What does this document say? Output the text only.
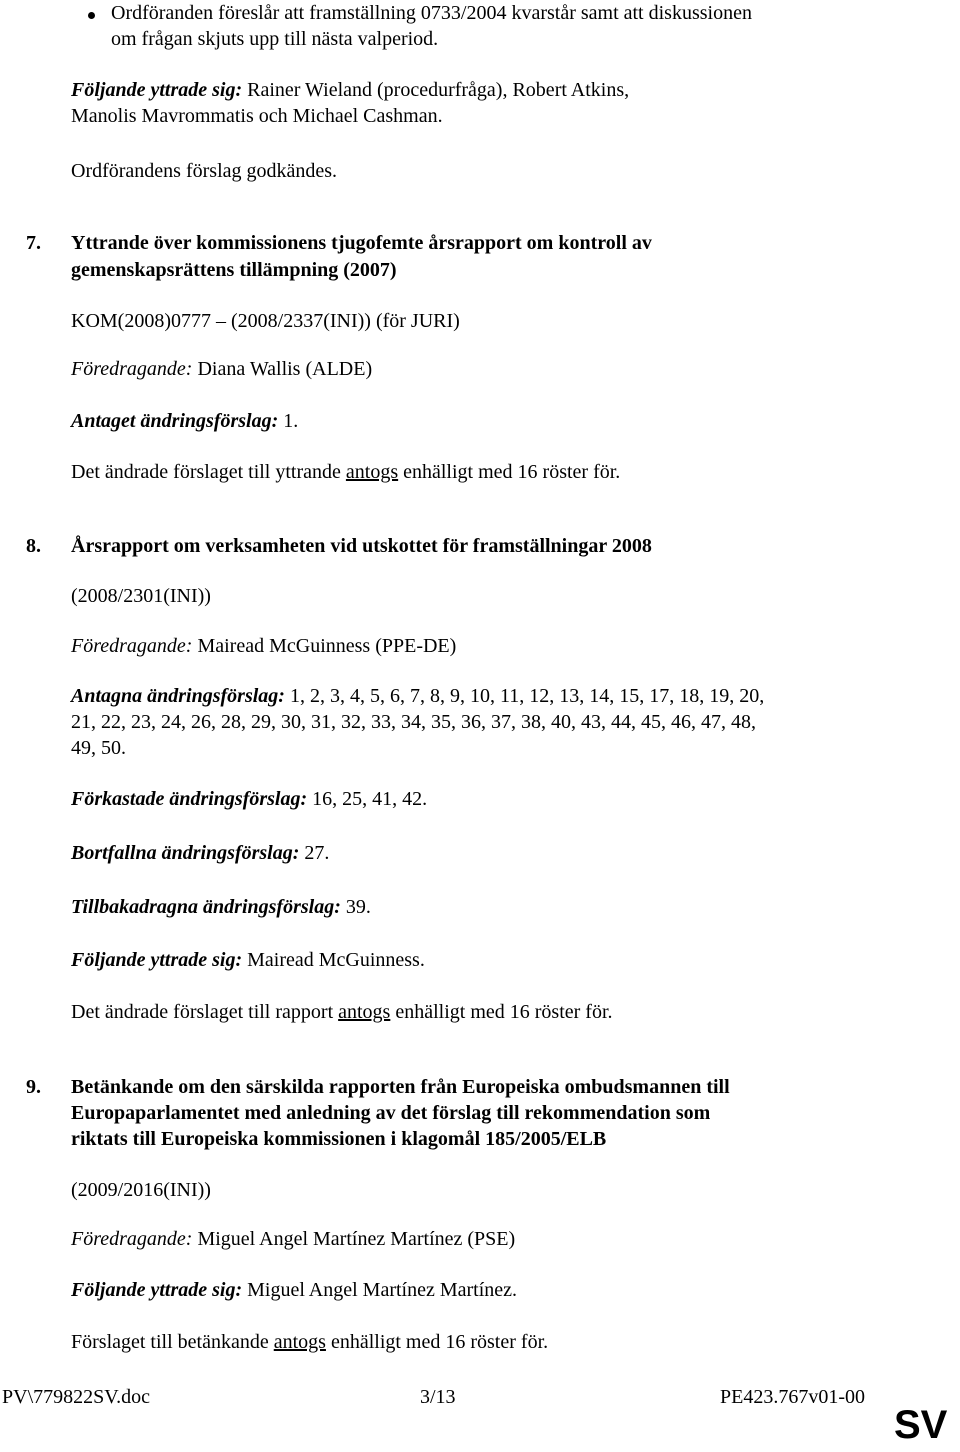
Ordföranden föreslår att framställning 0733/2004 kvarstår samt att diskussionen
om frågan skjuts upp till nästa valperiod.
Följande yttrade sig: Rainer Wieland (procedurfråga), Robert Atkins,
Manolis Mavrommatis och Michael Cashman.
Ordförandens förslag godkändes.
7. Yttrande över kommissionens tjugofemte årsrapport om kontroll av
gemenskapsrättens tillämpning (2007)
KOM(2008)0777 – (2008/2337(INI)) (för JURI)
Föredragande: Diana Wallis (ALDE)
Antaget ändringsförslag: 1.
Det ändrade förslaget till yttrande antogs enhälligt med 16 röster för.
8. Årsrapport om verksamheten vid utskottet för framställningar 2008
(2008/2301(INI))
Föredragande: Mairead McGuinness (PPE-DE)
Antagna ändringsförslag: 1, 2, 3, 4, 5, 6, 7, 8, 9, 10, 11, 12, 13, 14, 15, 17, 18, 19, 20,
21, 22, 23, 24, 26, 28, 29, 30, 31, 32, 33, 34, 35, 36, 37, 38, 40, 43, 44, 45, 46, 47, 48,
49, 50.
Förkastade ändringsförslag: 16, 25, 41, 42.
Bortfallna ändringsförslag: 27.
Tillbakadragna ändringsförslag: 39.
Följande yttrade sig: Mairead McGuinness.
Det ändrade förslaget till rapport antogs enhälligt med 16 röster för.
9. Betänkande om den särskilda rapporten från Europeiska ombudsmannen till
Europaparlamentet med anledning av det förslag till rekommendation som
riktats till Europeiska kommissionen i klagomål 185/2005/ELB
(2009/2016(INI))
Föredragande: Miguel Angel Martínez Martínez (PSE)
Följande yttrade sig: Miguel Angel Martínez Martínez.
Förslaget till betänkande antogs enhälligt med 16 röster för.
PV\779822SV.doc	3/13	PE423.767v01-00
SV
